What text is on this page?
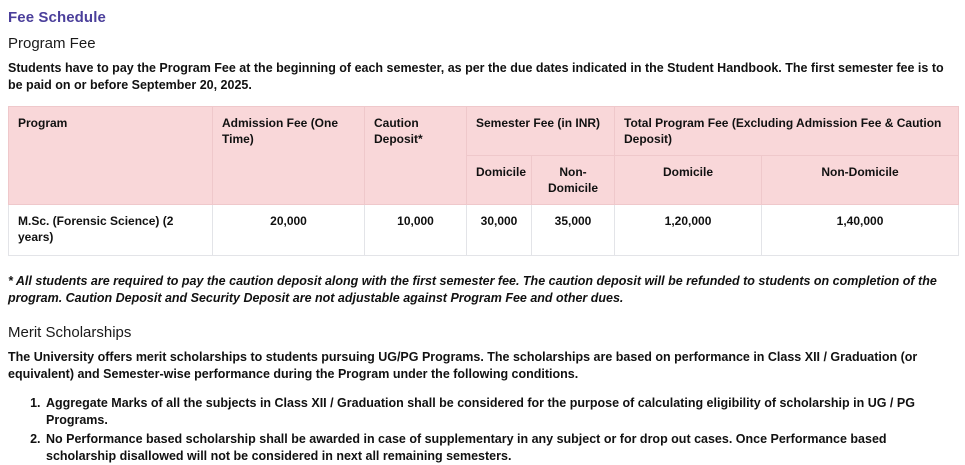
Fee Schedule
Program Fee

Students have to pay the Program Fee at the beginning of each semester, as per the due dates indicated in the Student Handbook. The first semester fee is to be paid on or before September 20, 2025.

Program	Admission Fee (One Time)	Caution Deposit*	Semester Fee (in INR)		Total Program Fee (Excluding Admission Fee & Caution Deposit)	
			Domicile	Non-Domicile	Domicile	Non-Domicile
M.Sc. (Forensic Science) (2 years)	20,000	10,000	30,000	35,000	1,20,000	1,40,000

* All students are required to pay the caution deposit along with the first semester fee. The caution deposit will be refunded to students on completion of the program. Caution Deposit and Security Deposit are not adjustable against Program Fee and other dues.

Merit Scholarships

The University offers merit scholarships to students pursuing UG/PG Programs. The scholarships are based on performance in Class XII / Graduation (or equivalent) and Semester-wise performance during the Program under the following conditions.

1. Aggregate Marks of all the subjects in Class XII / Graduation shall be considered for the purpose of calculating eligibility of scholarship in UG / PG Programs.
2. No Performance based scholarship shall be awarded in case of supplementary in any subject or for drop out cases. Once Performance based scholarship disallowed will not be considered in next all remaining semesters.
